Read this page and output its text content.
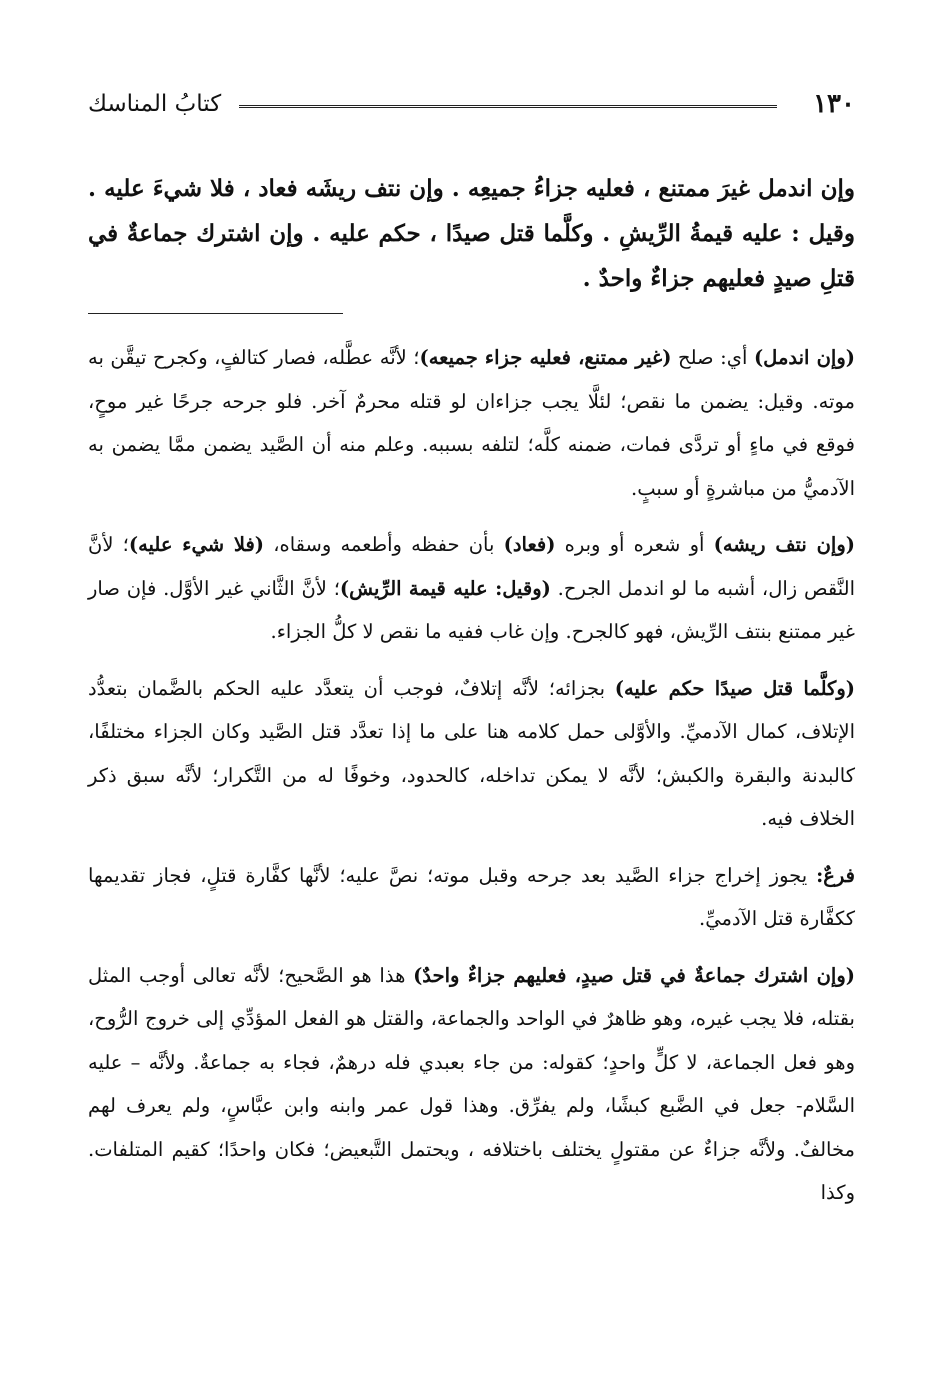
١٣٠
كتابُ المناسك
وإن اندمل غيرَ ممتنع ، فعليه جزاءُ جميعِه . وإن نتف ريشَه فعاد ، فلا شيءَ عليه . وقيل : عليه قيمةُ الرِّيشِ . وكلَّما قتل صيدًا ، حكم عليه . وإن اشترك جماعةٌ في قتلِ صيدٍ فعليهم جزاءٌ واحدٌ .

(وإن اندمل) أي: صلح (غير ممتنع، فعليه جزاء جميعه)؛ لأنَّه عطَّله، فصار كتالفٍ، وكجرح تيقَّن به موته. وقيل: يضمن ما نقص؛ لئلَّا يجب جزاءان لو قتله محرمٌ آخر. فلو جرحه جرحًا غير موحٍ، فوقع في ماءٍ أو تردَّى فمات، ضمنه كلَّه؛ لتلفه بسببه. وعلم منه أن الصَّيد يضمن ممَّا يضمن به الآدميُّ من مباشرةٍ أو سببٍ.

(وإن نتف ريشه) أو شعره أو وبره (فعاد) بأن حفظه وأطعمه وسقاه، (فلا شيء عليه)؛ لأنَّ النَّقص زال، أشبه ما لو اندمل الجرح. (وقيل: عليه قيمة الرِّيش)؛ لأنَّ الثَّاني غير الأوَّل. فإن صار غير ممتنع بنتف الرِّيش، فهو كالجرح. وإن غاب ففيه ما نقص لا كلُّ الجزاء.

(وكلَّما قتل صيدًا حكم عليه) بجزائه؛ لأنَّه إتلافٌ، فوجب أن يتعدَّد عليه الحكم بالضَّمان بتعدُّد الإتلاف، كمال الآدميِّ. والأوَّلى حمل كلامه هنا على ما إذا تعدَّد قتل الصَّيد وكان الجزاء مختلفًا، كالبدنة والبقرة والكبش؛ لأنَّه لا يمكن تداخله، كالحدود، وخوفًا له من التَّكرار؛ لأنَّه سبق ذكر الخلاف فيه.

فرعٌ: يجوز إخراج جزاء الصَّيد بعد جرحه وقبل موته؛ نصَّ عليه؛ لأنَّها كفَّارة قتلٍ، فجاز تقديمها ككفَّارة قتل الآدميِّ.

(وإن اشترك جماعةٌ في قتل صيدٍ، فعليهم جزاءٌ واحدٌ) هذا هو الصَّحيح؛ لأنَّه تعالى أوجب المثل بقتله، فلا يجب غيره، وهو ظاهرٌ في الواحد والجماعة، والقتل هو الفعل المؤدِّي إلى خروج الرُّوح، وهو فعل الجماعة، لا كلٍّ واحدٍ؛ كقوله: من جاء بعبدي فله درهمٌ، فجاء به جماعةٌ. ولأنَّه – عليه السَّلام- جعل في الضَّبع كبشًا، ولم يفرِّق. وهذا قول عمر وابنه وابن عبَّاسٍ، ولم يعرف لهم مخالفٌ. ولأنَّه جزاءٌ عن مقتولٍ يختلف باختلافه ، ويحتمل التَّبعيض؛ فكان واحدًا؛ كقيم المتلفات. وكذا
